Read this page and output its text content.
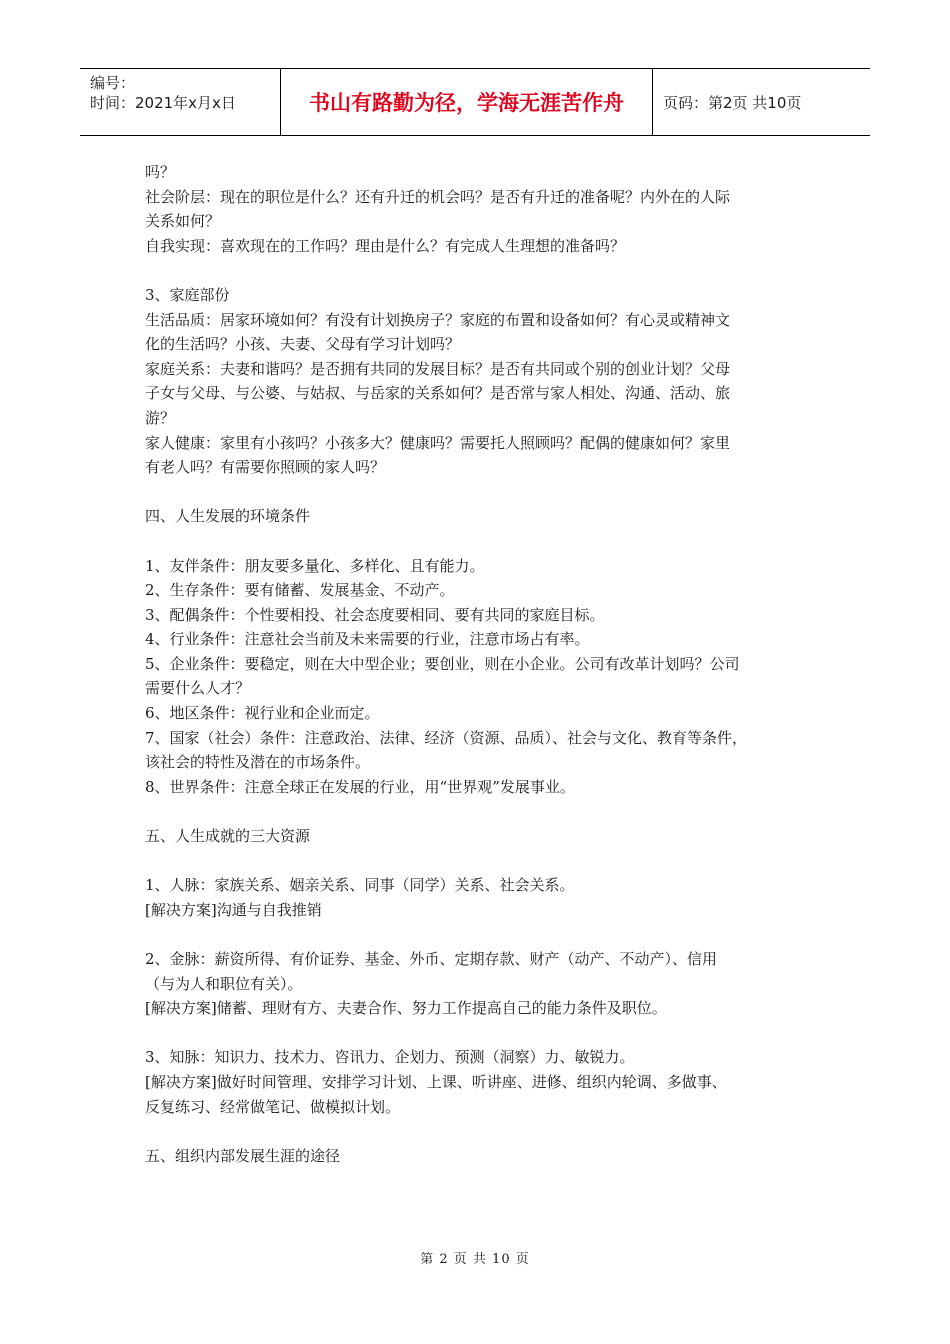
编号：
时间：2021年x月x日	书山有路勤为径，学海无涯苦作舟	页码：第2页 共10页

吗？

社会阶层：现在的职位是什么？还有升迁的机会吗？是否有升迁的准备呢？内外在的人际

关系如何？

自我实现：喜欢现在的工作吗？理由是什么？有完成人生理想的准备吗？

3、家庭部份

生活品质：居家环境如何？有没有计划换房子？家庭的布置和设备如何？有心灵或精神文

化的生活吗？小孩、夫妻、父母有学习计划吗？

家庭关系：夫妻和谐吗？是否拥有共同的发展目标？是否有共同或个别的创业计划？父母

子女与父母、与公婆、与姑叔、与岳家的关系如何？是否常与家人相处、沟通、活动、旅

游？

家人健康：家里有小孩吗？小孩多大？健康吗？需要托人照顾吗？配偶的健康如何？家里

有老人吗？有需要你照顾的家人吗？

四、人生发展的环境条件

1、友伴条件：朋友要多量化、多样化、且有能力。

2、生存条件：要有储蓄、发展基金、不动产。

3、配偶条件：个性要相投、社会态度要相同、要有共同的家庭目标。

4、行业条件：注意社会当前及未来需要的行业，注意市场占有率。

5、企业条件：要稳定，则在大中型企业；要创业，则在小企业。公司有改革计划吗？公司

需要什么人才？

6、地区条件：视行业和企业而定。

7、国家（社会）条件：注意政治、法律、经济（资源、品质）、社会与文化、教育等条件，

该社会的特性及潜在的市场条件。

8、世界条件：注意全球正在发展的行业，用“世界观”发展事业。

五、人生成就的三大资源

1、人脉：家族关系、姻亲关系、同事（同学）关系、社会关系。

[解决方案]沟通与自我推销

2、金脉：薪资所得、有价证券、基金、外币、定期存款、财产（动产、不动产）、信用

（与为人和职位有关）。

[解决方案]储蓄、理财有方、夫妻合作、努力工作提高自己的能力条件及职位。

3、知脉：知识力、技术力、咨讯力、企划力、预测（洞察）力、敏锐力。

[解决方案]做好时间管理、安排学习计划、上课、听讲座、进修、组织内轮调、多做事、

反复练习、经常做笔记、做模拟计划。

五、组织内部发展生涯的途径

第 2 页 共 10 页
